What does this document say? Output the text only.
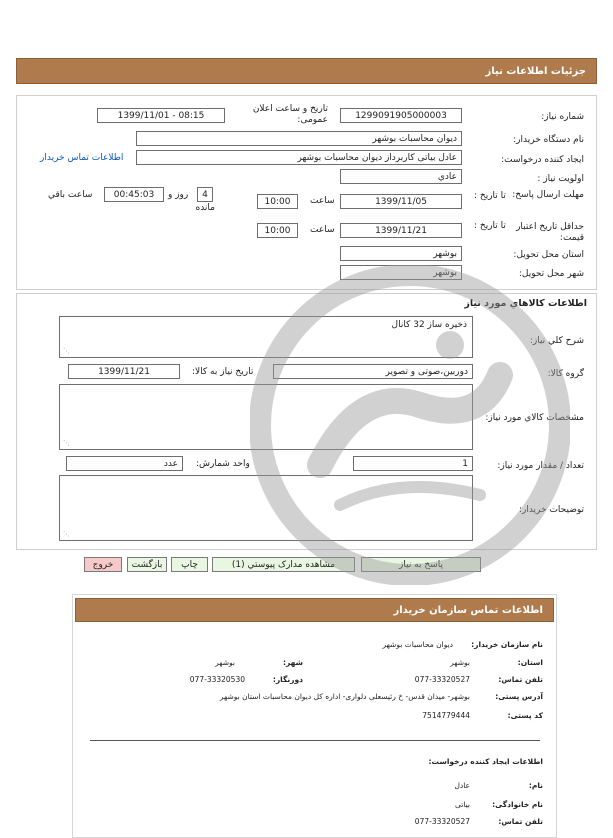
جزئیات اطلاعات نیاز
شماره نیاز:
1299091905000003
تاریخ و ساعت اعلان عمومی:
1399/11/01 - 08:15
نام دستگاه خریدار:
دیوان محاسبات بوشهر
ایجاد کننده درخواست:
عادل بیاتی کاربرداز دیوان محاسبات بوشهر
اطلاعات تماس خریدار
اولویت نیاز :
عادي
مهلت ارسال پاسخ:
تا تاریخ :
1399/11/05
ساعت
10:00
4
روز و
مانده
00:45:03
ساعت باقي
حداقل تاریخ اعتبار قیمت:
تا تاریخ :
1399/11/21
ساعت
10:00
استان محل تحویل:
بوشهر
شهر محل تحویل:
بوشهر
اطلاعات کالاهاي مورد نياز
شرح کلي نياز:
ذخیره ساز 32 کانال
⋰
گروه کالا:
دوربین،صوتی و تصویر
تاریخ نیاز به کالا:
1399/11/21
مشخصات کالاي مورد نياز:
⋰
تعداد / مقدار مورد نیاز:
1
واحد شمارش:
عدد
توضیحات خریدار:
⋰
پاسخ به نیاز
مشاهده مدارک پیوستي (1)
چاپ
بازگشت
خروج
اطلاعات تماس سازمان خریدار
نام سازمان خریدار:
دیوان محاسبات بوشهر
استان:
بوشهر
شهر:
بوشهر
تلفن تماس:
077-33320527
دورنگار:
077-33320530
آدرس پستی:
بوشهر- میدان قدس- خ رئیسعلی دلواری- اداره کل دیوان محاسبات استان بوشهر
کد پستی:
7514779444
اطلاعات ایجاد کننده درخواست:
نام:
عادل
نام خانوادگی:
بیاتی
تلفن تماس:
077-33320527
